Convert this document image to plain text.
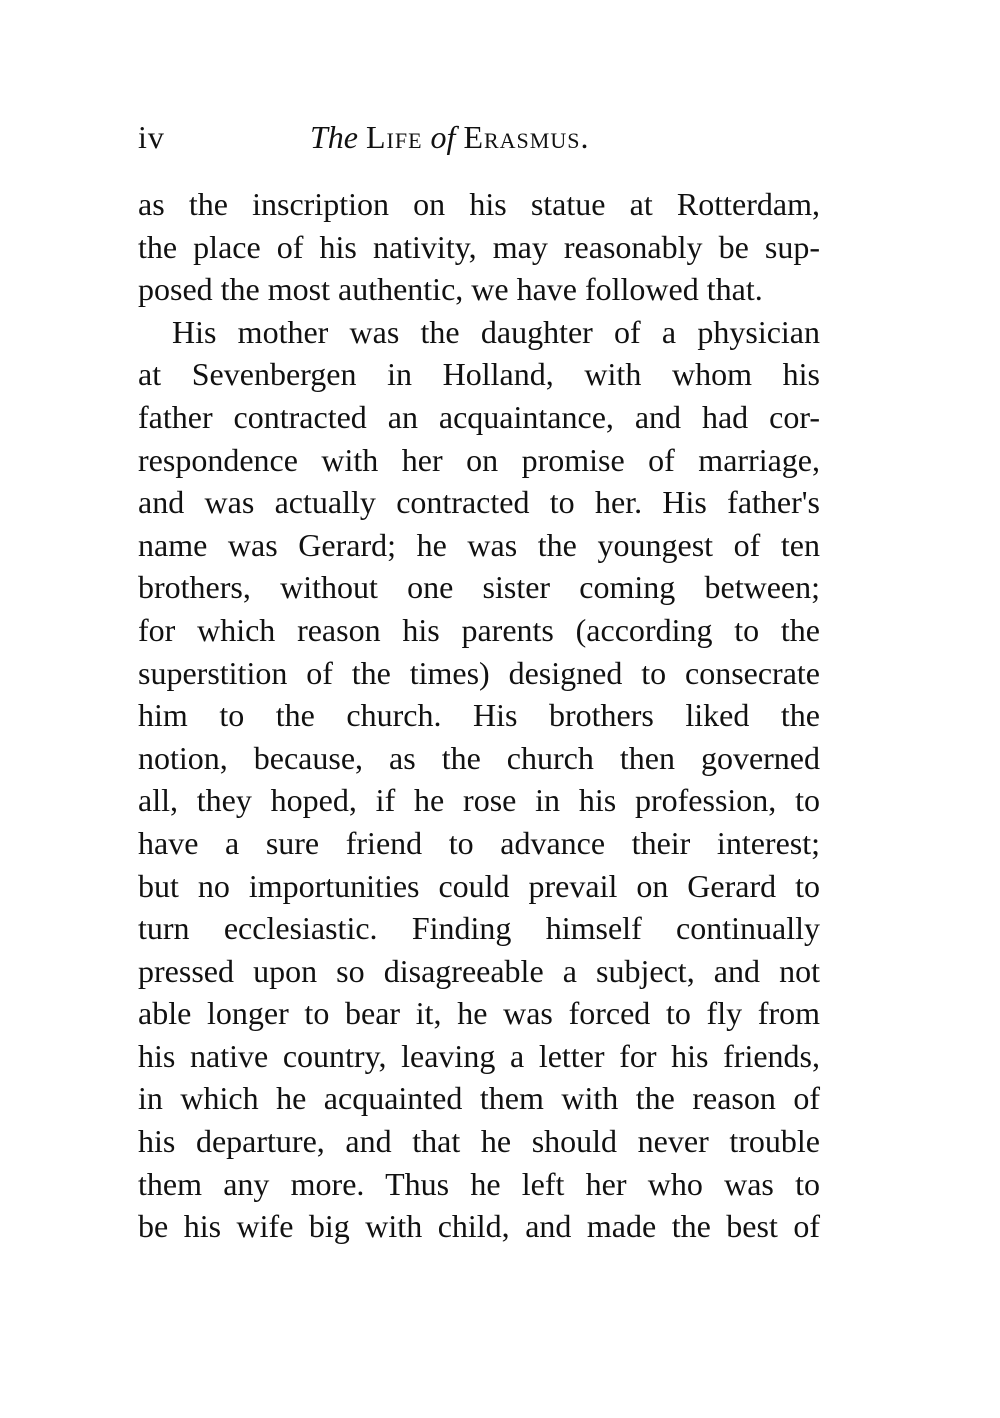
iv	The Life of Erasmus.
as the inscription on his statue at Rotterdam,
the place of his nativity, may reasonably be sup-
posed the most authentic, we have followed that.
His mother was the daughter of a physician
at Sevenbergen in Holland, with whom his
father contracted an acquaintance, and had cor-
respondence with her on promise of marriage,
and was actually contracted to her. His father's
name was Gerard; he was the youngest of ten
brothers, without one sister coming between;
for which reason his parents (according to the
superstition of the times) designed to consecrate
him to the church. His brothers liked the
notion, because, as the church then governed
all, they hoped, if he rose in his profession, to
have a sure friend to advance their interest;
but no importunities could prevail on Gerard to
turn ecclesiastic. Finding himself continually
pressed upon so disagreeable a subject, and not
able longer to bear it, he was forced to fly from
his native country, leaving a letter for his friends,
in which he acquainted them with the reason of
his departure, and that he should never trouble
them any more. Thus he left her who was to
be his wife big with child, and made the best of
